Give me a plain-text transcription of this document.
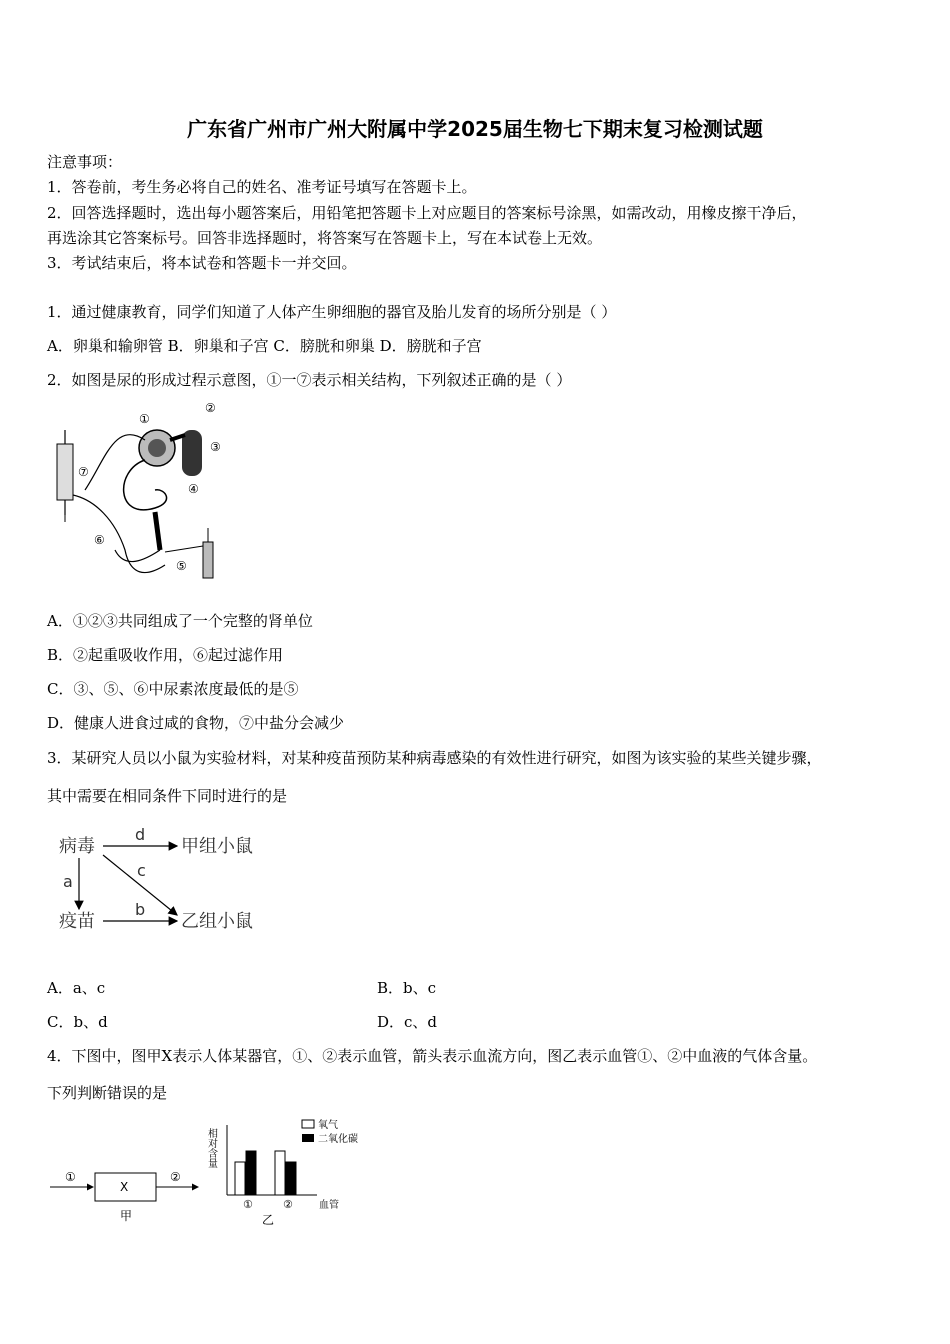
广东省广州市广州大附属中学2025届生物七下期末复习检测试题
注意事项：
1．答卷前，考生务必将自己的姓名、准考证号填写在答题卡上。
2．回答选择题时，选出每小题答案后，用铅笔把答题卡上对应题目的答案标号涂黑，如需改动，用橡皮擦干净后，
再选涂其它答案标号。回答非选择题时，将答案写在答题卡上，写在本试卷上无效。
3．考试结束后，将本试卷和答题卡一并交回。
1．通过健康教育，同学们知道了人体产生卵细胞的器官及胎儿发育的场所分别是（ ）
A．卵巢和输卵管 B．卵巢和子宫 C．膀胱和卵巢 D．膀胱和子宫
2．如图是尿的形成过程示意图，①一⑦表示相关结构，下列叙述正确的是（ ）
①
②
③
④
⑤
⑥
⑦
A．①②③共同组成了一个完整的肾单位
B．②起重吸收作用，⑥起过滤作用
C．③、⑤、⑥中尿素浓度最低的是⑤
D．健康人进食过咸的食物，⑦中盐分会减少
3．某研究人员以小鼠为实验材料，对某种疫苗预防某种病毒感染的有效性进行研究，如图为该实验的某些关键步骤，
其中需要在相同条件下同时进行的是
病毒	甲组小鼠
疫苗	乙组小鼠
d
a
b
c
A．a、c	B．b、c
C．b、d	D．c、d
4．下图中，图甲X表示人体某器官，①、②表示血管，箭头表示血流方向，图乙表示血管①、②中血液的气体含量。
下列判断错误的是
①
X
②
甲
相对含量
氧气
二氧化碳
①	②	血管
乙
